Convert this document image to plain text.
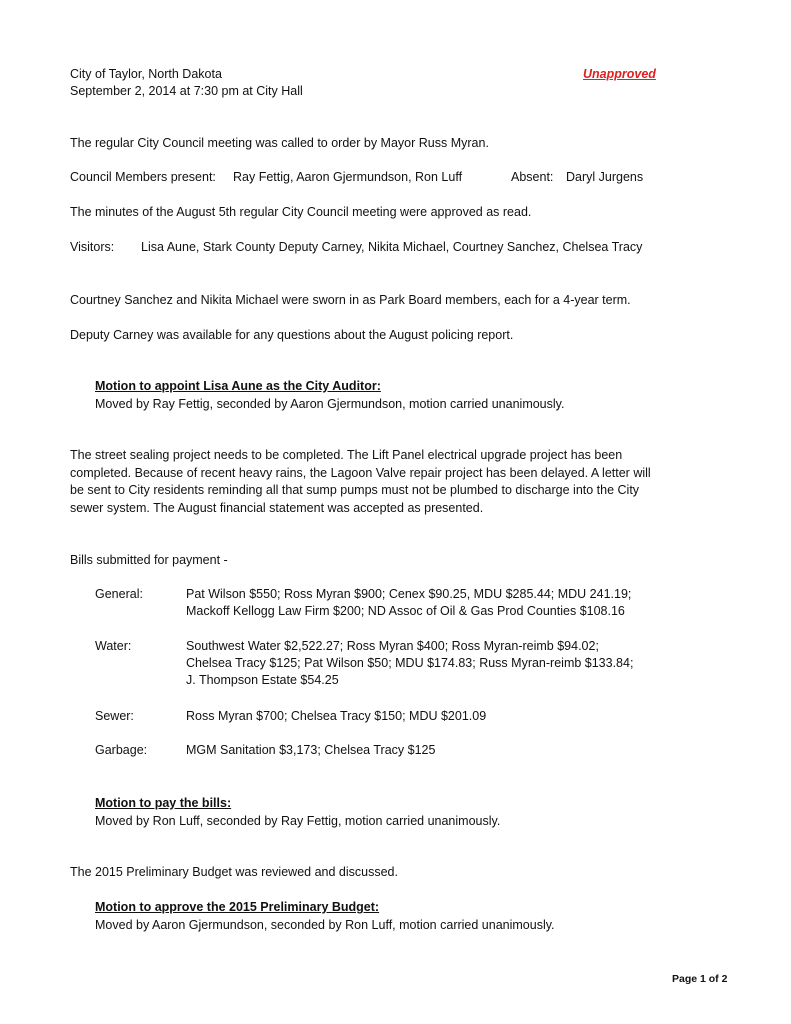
City of Taylor, North Dakota
September 2, 2014 at 7:30 pm at City Hall
Unapproved
The regular City Council meeting was called to order by Mayor Russ Myran.
Council Members present: Ray Fettig, Aaron Gjermundson, Ron Luff	Absent: Daryl Jurgens
The minutes of the August 5th regular City Council meeting were approved as read.
Visitors: Lisa Aune, Stark County Deputy Carney, Nikita Michael, Courtney Sanchez, Chelsea Tracy
Courtney Sanchez and Nikita Michael were sworn in as Park Board members, each for a 4-year term.
Deputy Carney was available for any questions about the August policing report.
Motion to appoint Lisa Aune as the City Auditor:
Moved by Ray Fettig, seconded by Aaron Gjermundson, motion carried unanimously.
The street sealing project needs to be completed. The Lift Panel electrical upgrade project has been
completed. Because of recent heavy rains, the Lagoon Valve repair project has been delayed. A letter will
be sent to City residents reminding all that sump pumps must not be plumbed to discharge into the City
sewer system. The August financial statement was accepted as presented.
Bills submitted for payment -
General:	Pat Wilson $550; Ross Myran $900; Cenex $90.25, MDU $285.44; MDU 241.19;
Mackoff Kellogg Law Firm $200; ND Assoc of Oil & Gas Prod Counties $108.16
Water:	Southwest Water $2,522.27; Ross Myran $400; Ross Myran-reimb $94.02;
Chelsea Tracy $125; Pat Wilson $50; MDU $174.83; Russ Myran-reimb $133.84;
J. Thompson Estate $54.25
Sewer:	Ross Myran $700; Chelsea Tracy $150; MDU $201.09
Garbage:	MGM Sanitation $3,173; Chelsea Tracy $125
Motion to pay the bills:
Moved by Ron Luff, seconded by Ray Fettig, motion carried unanimously.
The 2015 Preliminary Budget was reviewed and discussed.
Motion to approve the 2015 Preliminary Budget:
Moved by Aaron Gjermundson, seconded by Ron Luff, motion carried unanimously.
Page 1 of 2
